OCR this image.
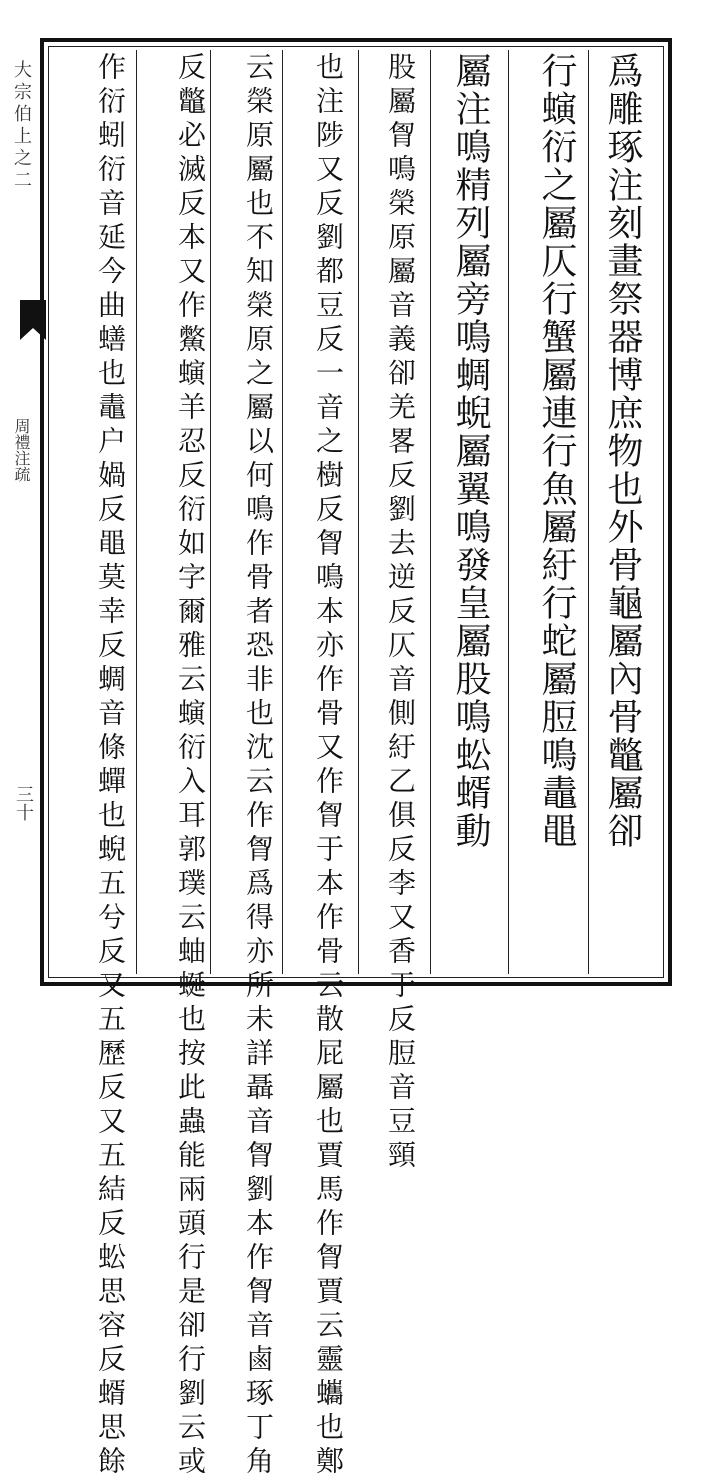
大宗伯上之二
周禮注疏
三十	爲雕琢注刻畫祭器博庶物也外骨龜屬內骨鼈屬卻
行螾衍之屬仄行蟹屬連行魚屬紆行蛇屬脰鳴鼃黽
屬注鳴精列屬旁鳴蜩蜺屬翼鳴發皇屬股鳴蚣蝑動
股屬胷鳴榮原屬音義卻羌畧反劉去逆反仄音側紆乙俱反李又香于反脰音豆頸
也注陟又反劉都豆反一音之樹反胷鳴本亦作骨又作胷于本作骨云散屁屬也賈馬作胷賈云靈蠵也鄭
云榮原屬也不知榮原之屬以何鳴作骨者恐非也沈云作胷爲得亦所未詳聶音胷劉本作胷音鹵琢丁角
反鼈必滅反本又作鱉螾羊忍反衍如字爾雅云螾衍入耳郭璞云蚰蜒也按此蟲能兩頭行是卻行劉云或
作衍蚓衍音延今曲蟮也鼃户媧反黽莫幸反蜩音條蟬也蜺五兮反又五歷反又五結反蚣思容反蝑思餘
